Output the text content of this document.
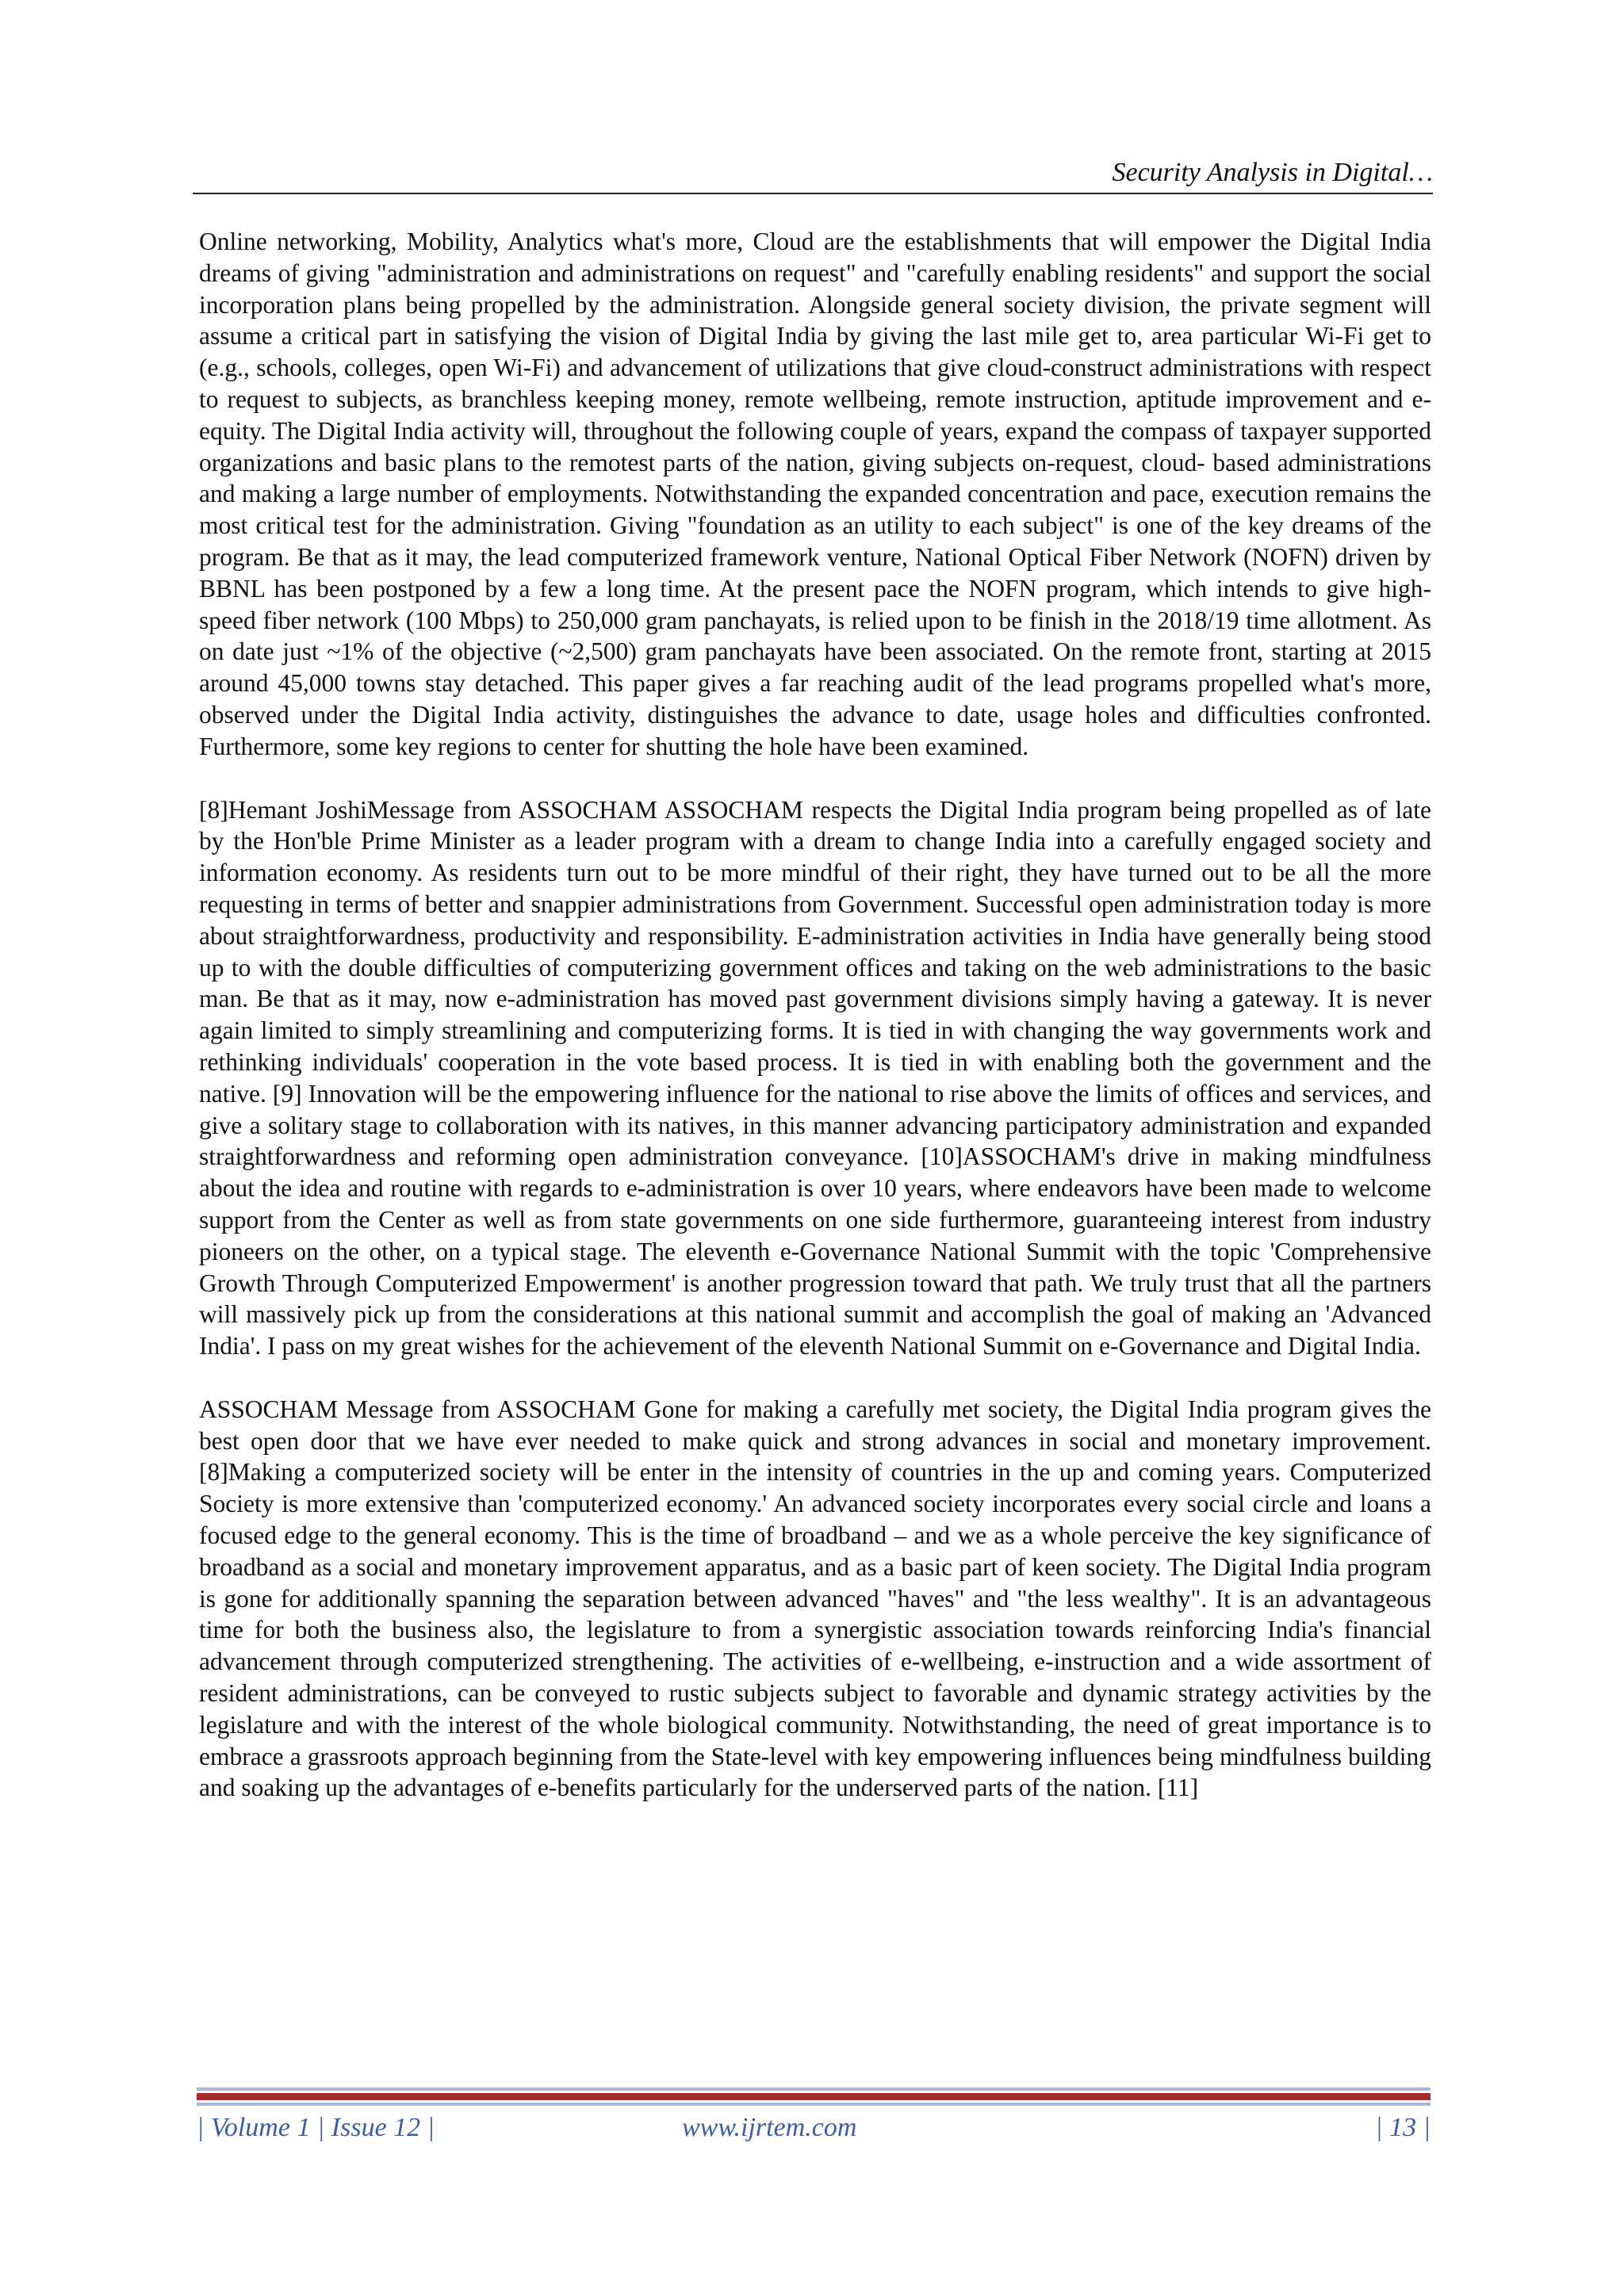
Security Analysis in Digital…

Online networking, Mobility, Analytics what's more, Cloud are the establishments that will empower the Digital India dreams of giving "administration and administrations on request" and "carefully enabling residents" and support the social incorporation plans being propelled by the administration. Alongside general society division, the private segment will assume a critical part in satisfying the vision of Digital India by giving the last mile get to, area particular Wi-Fi get to (e.g., schools, colleges, open Wi-Fi) and advancement of utilizations that give cloud-construct administrations with respect to request to subjects, as branchless keeping money, remote wellbeing, remote instruction, aptitude improvement and e-equity. The Digital India activity will, throughout the following couple of years, expand the compass of taxpayer supported organizations and basic plans to the remotest parts of the nation, giving subjects on-request, cloud- based administrations and making a large number of employments. Notwithstanding the expanded concentration and pace, execution remains the most critical test for the administration. Giving "foundation as an utility to each subject" is one of the key dreams of the program. Be that as it may, the lead computerized framework venture, National Optical Fiber Network (NOFN) driven by BBNL has been postponed by a few a long time. At the present pace the NOFN program, which intends to give high- speed fiber network (100 Mbps) to 250,000 gram panchayats, is relied upon to be finish in the 2018/19 time allotment. As on date just ~1% of the objective (~2,500) gram panchayats have been associated. On the remote front, starting at 2015 around 45,000 towns stay detached. This paper gives a far reaching audit of the lead programs propelled what's more, observed under the Digital India activity, distinguishes the advance to date, usage holes and difficulties confronted. Furthermore, some key regions to center for shutting the hole have been examined.

[8]Hemant JoshiMessage from ASSOCHAM ASSOCHAM respects the Digital India program being propelled as of late by the Hon'ble Prime Minister as a leader program with a dream to change India into a carefully engaged society and information economy. As residents turn out to be more mindful of their right, they have turned out to be all the more requesting in terms of better and snappier administrations from Government. Successful open administration today is more about straightforwardness, productivity and responsibility. E-administration activities in India have generally being stood up to with the double difficulties of computerizing government offices and taking on the web administrations to the basic man. Be that as it may, now e-administration has moved past government divisions simply having a gateway. It is never again limited to simply streamlining and computerizing forms. It is tied in with changing the way governments work and rethinking individuals' cooperation in the vote based process. It is tied in with enabling both the government and the native. [9] Innovation will be the empowering influence for the national to rise above the limits of offices and services, and give a solitary stage to collaboration with its natives, in this manner advancing participatory administration and expanded straightforwardness and reforming open administration conveyance. [10]ASSOCHAM's drive in making mindfulness about the idea and routine with regards to e-administration is over 10 years, where endeavors have been made to welcome support from the Center as well as from state governments on one side furthermore, guaranteeing interest from industry pioneers on the other, on a typical stage. The eleventh e-Governance National Summit with the topic 'Comprehensive Growth Through Computerized Empowerment' is another progression toward that path. We truly trust that all the partners will massively pick up from the considerations at this national summit and accomplish the goal of making an 'Advanced India'. I pass on my great wishes for the achievement of the eleventh National Summit on e-Governance and Digital India.

ASSOCHAM Message from ASSOCHAM Gone for making a carefully met society, the Digital India program gives the best open door that we have ever needed to make quick and strong advances in social and monetary improvement. [8]Making a computerized society will be enter in the intensity of countries in the up and coming years. Computerized Society is more extensive than 'computerized economy.' An advanced society incorporates every social circle and loans a focused edge to the general economy. This is the time of broadband – and we as a whole perceive the key significance of broadband as a social and monetary improvement apparatus, and as a basic part of keen society. The Digital India program is gone for additionally spanning the separation between advanced "haves" and "the less wealthy". It is an advantageous time for both the business also, the legislature to from a synergistic association towards reinforcing India's financial advancement through computerized strengthening. The activities of e-wellbeing, e-instruction and a wide assortment of resident administrations, can be conveyed to rustic subjects subject to favorable and dynamic strategy activities by the legislature and with the interest of the whole biological community. Notwithstanding, the need of great importance is to embrace a grassroots approach beginning from the State-level with key empowering influences being mindfulness building and soaking up the advantages of e-benefits particularly for the underserved parts of the nation. [11]

| Volume 1 | Issue 12 |	www.ijrtem.com	| 13 |
